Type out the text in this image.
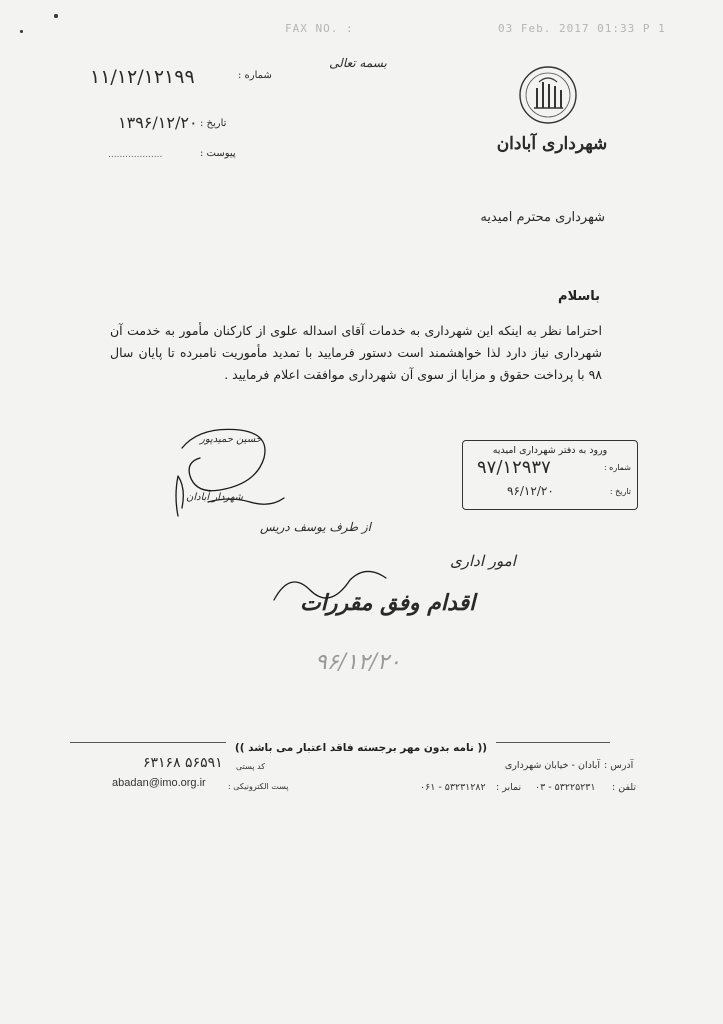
FAX NO. :	03 Feb. 2017 01:33 P 1
بسمه تعالی
شماره :
۱۱/۱۲/۱۲۱۹۹
تاریخ :
۱۳۹۶/۱۲/۲۰
پیوست :
...................
شهرداری آبادان
شهرداری محترم امیدیه
باسلام
احتراما نظر به اینکه این شهرداری به خدمات آقای اسداله علوی از کارکنان مأمور به خدمت آن شهرداری نیاز دارد لذا خواهشمند است دستور فرمایید با تمدید مأموریت نامبرده تا پایان سال ۹۸ با پرداخت حقوق و مزایا از سوی آن شهرداری موافقت اعلام فرمایید .
ورود به دفتر شهرداری امیدیه
شماره :
۹۷/۱۲۹۳۷
تاریخ :
۹۶/۱۲/۲۰
حسین حمیدپور
شهردار آبادان
از طرف یوسف دریس
امور اداری
اقدام وفق مقررات
۹۶/۱۲/۲۰
(( نامه بدون مهر برجسته فاقد اعتبار می باشد ))
آدرس :
آبادان - خیابان شهرداری
تلفن :
۰۳ - ۵۳۲۲۵۲۳۱
نمابر :
۰۶۱ - ۵۳۲۳۱۲۸۲
۶۳۱۶۸ ۵۶۵۹۱ کد پستی
abadan@imo.org.ir	پست الکترونیکی :
